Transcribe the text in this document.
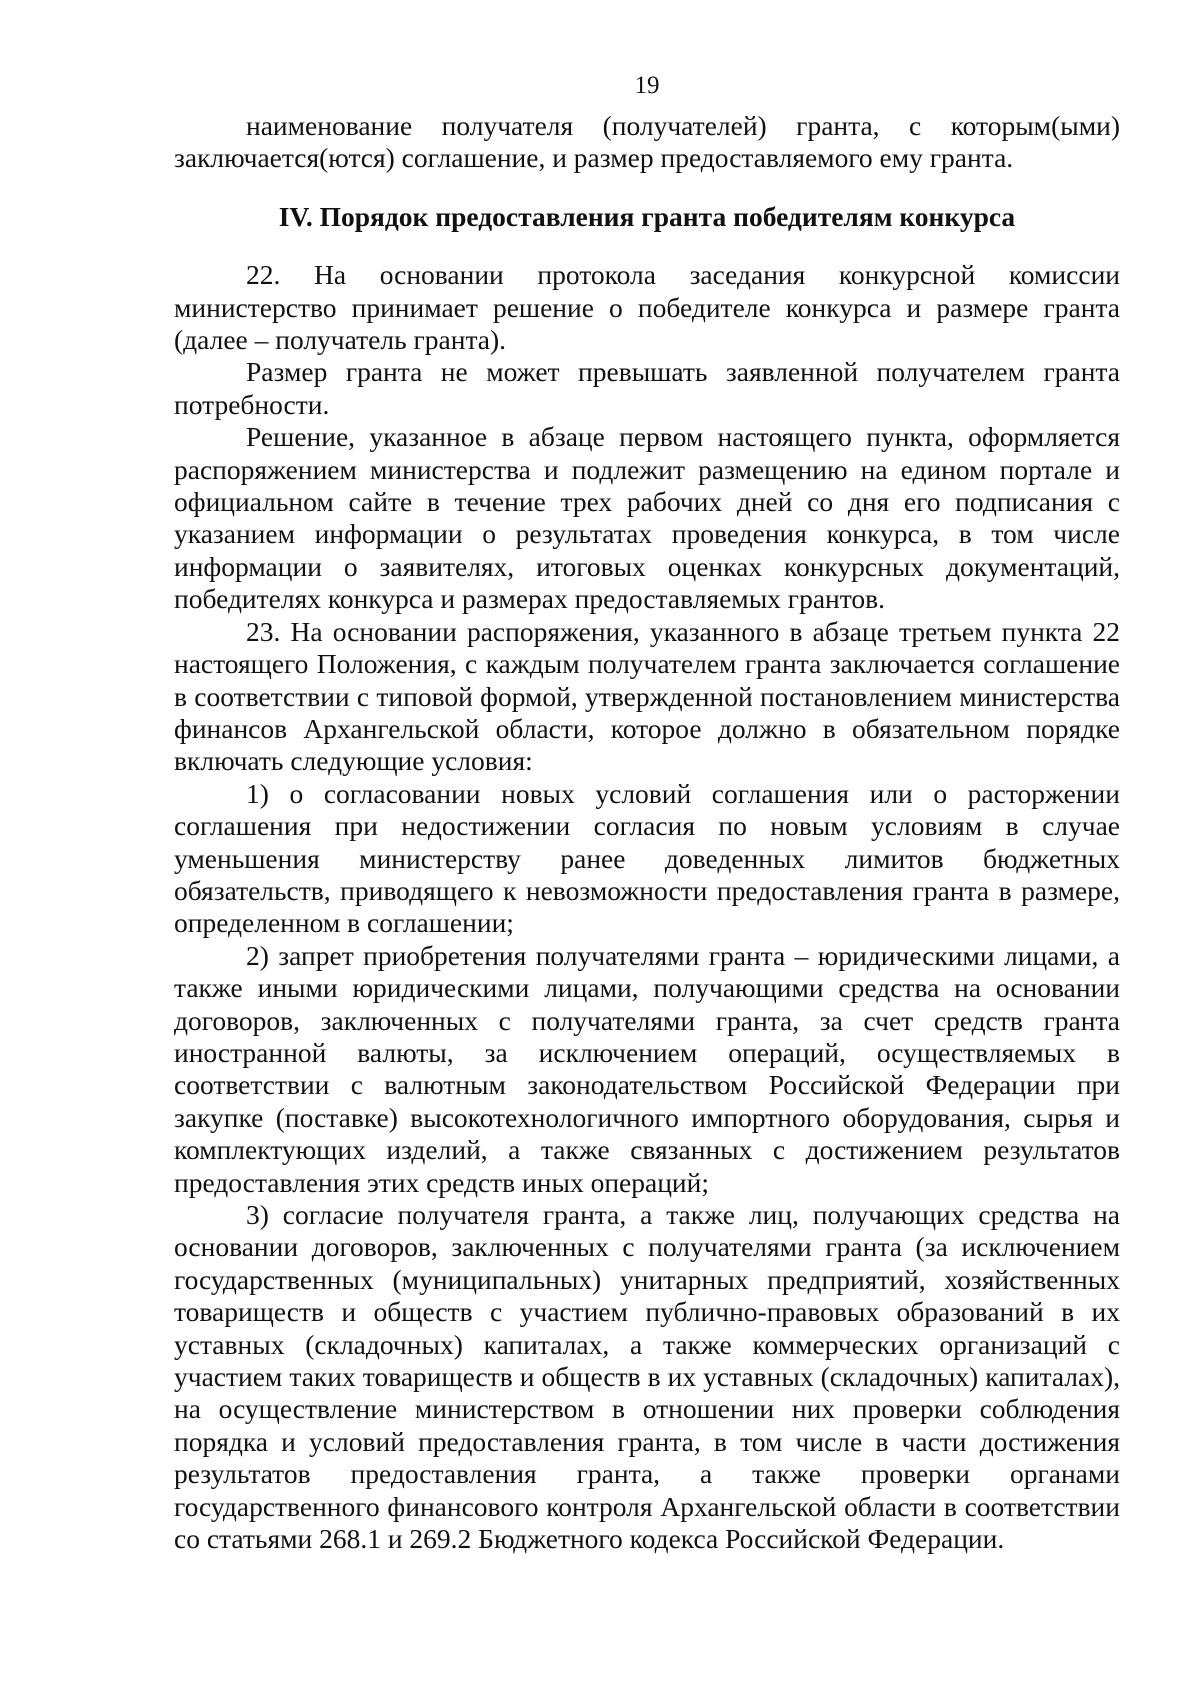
19

наименование получателя (получателей) гранта, с которым(ыми) заключается(ются) соглашение, и размер предоставляемого ему гранта.

IV. Порядок предоставления гранта победителям конкурса

22. На основании протокола заседания конкурсной комиссии министерство принимает решение о победителе конкурса и размере гранта (далее – получатель гранта).

Размер гранта не может превышать заявленной получателем гранта потребности.

Решение, указанное в абзаце первом настоящего пункта, оформляется распоряжением министерства и подлежит размещению на едином портале и официальном сайте в течение трех рабочих дней со дня его подписания с указанием информации о результатах проведения конкурса, в том числе информации о заявителях, итоговых оценках конкурсных документаций, победителях конкурса и размерах предоставляемых грантов.

23. На основании распоряжения, указанного в абзаце третьем пункта 22 настоящего Положения, с каждым получателем гранта заключается соглашение в соответствии с типовой формой, утвержденной постановлением министерства финансов Архангельской области, которое должно в обязательном порядке включать следующие условия:

1) о согласовании новых условий соглашения или о расторжении соглашения при недостижении согласия по новым условиям в случае уменьшения министерству ранее доведенных лимитов бюджетных обязательств, приводящего к невозможности предоставления гранта в размере, определенном в соглашении;

2) запрет приобретения получателями гранта – юридическими лицами, а также иными юридическими лицами, получающими средства на основании договоров, заключенных с получателями гранта, за счет средств гранта иностранной валюты, за исключением операций, осуществляемых в соответствии с валютным законодательством Российской Федерации при закупке (поставке) высокотехнологичного импортного оборудования, сырья и комплектующих изделий, а также связанных с достижением результатов предоставления этих средств иных операций;

3) согласие получателя гранта, а также лиц, получающих средства на основании договоров, заключенных с получателями гранта (за исключением государственных (муниципальных) унитарных предприятий, хозяйственных товариществ и обществ с участием публично-правовых образований в их уставных (складочных) капиталах, а также коммерческих организаций с участием таких товариществ и обществ в их уставных (складочных) капиталах), на осуществление министерством в отношении них проверки соблюдения порядка и условий предоставления гранта, в том числе в части достижения результатов предоставления гранта, а также проверки органами государственного финансового контроля Архангельской области в соответствии со статьями 268.1 и 269.2 Бюджетного кодекса Российской Федерации.
